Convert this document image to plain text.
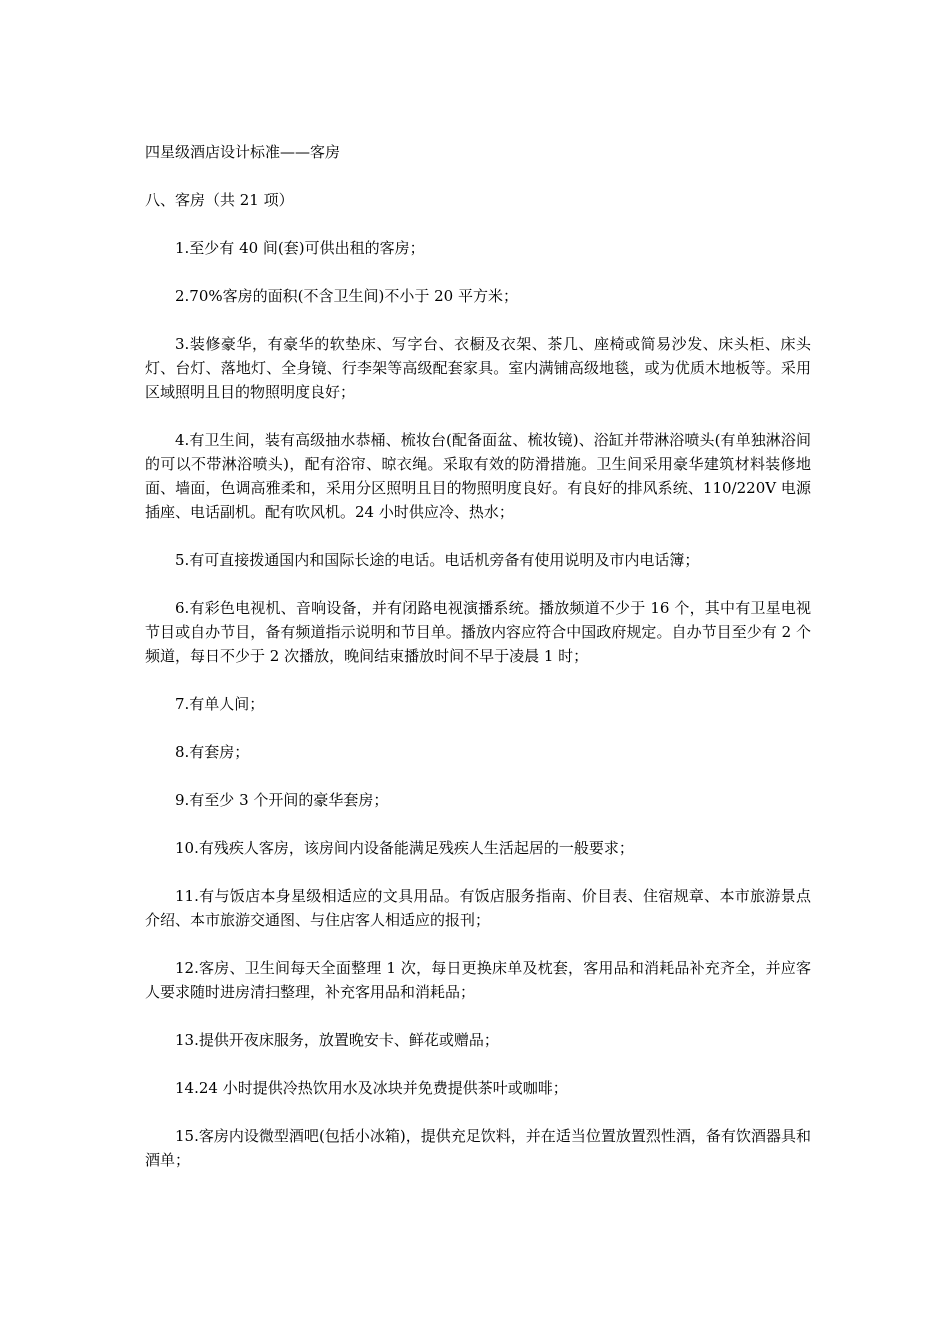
四星级酒店设计标准——客房

八、客房（共 21 项）

1.至少有 40 间(套)可供出租的客房；

2.70%客房的面积(不含卫生间)不小于 20 平方米；

3.装修豪华，有豪华的软垫床、写字台、衣橱及衣架、茶几、座椅或简易沙发、床头柜、床头灯、台灯、落地灯、全身镜、行李架等高级配套家具。室内满铺高级地毯，或为优质木地板等。采用区域照明且目的物照明度良好；

4.有卫生间，装有高级抽水恭桶、梳妆台(配备面盆、梳妆镜)、浴缸并带淋浴喷头(有单独淋浴间的可以不带淋浴喷头)，配有浴帘、晾衣绳。采取有效的防滑措施。卫生间采用豪华建筑材料装修地面、墙面，色调高雅柔和，采用分区照明且目的物照明度良好。有良好的排风系统、110/220V 电源插座、电话副机。配有吹风机。24 小时供应冷、热水；

5.有可直接拨通国内和国际长途的电话。电话机旁备有使用说明及市内电话簿；

6.有彩色电视机、音响设备，并有闭路电视演播系统。播放频道不少于 16 个，其中有卫星电视节目或自办节目，备有频道指示说明和节目单。播放内容应符合中国政府规定。自办节目至少有 2 个频道，每日不少于 2 次播放，晚间结束播放时间不早于凌晨 1 时；

7.有单人间；

8.有套房；

9.有至少 3 个开间的豪华套房；

10.有残疾人客房，该房间内设备能满足残疾人生活起居的一般要求；

11.有与饭店本身星级相适应的文具用品。有饭店服务指南、价目表、住宿规章、本市旅游景点介绍、本市旅游交通图、与住店客人相适应的报刊；

12.客房、卫生间每天全面整理 1 次，每日更换床单及枕套，客用品和消耗品补充齐全，并应客人要求随时进房清扫整理，补充客用品和消耗品；

13.提供开夜床服务，放置晚安卡、鲜花或赠品；

14.24 小时提供冷热饮用水及冰块并免费提供茶叶或咖啡；

15.客房内设微型酒吧(包括小冰箱)，提供充足饮料，并在适当位置放置烈性酒，备有饮酒器具和酒单；
